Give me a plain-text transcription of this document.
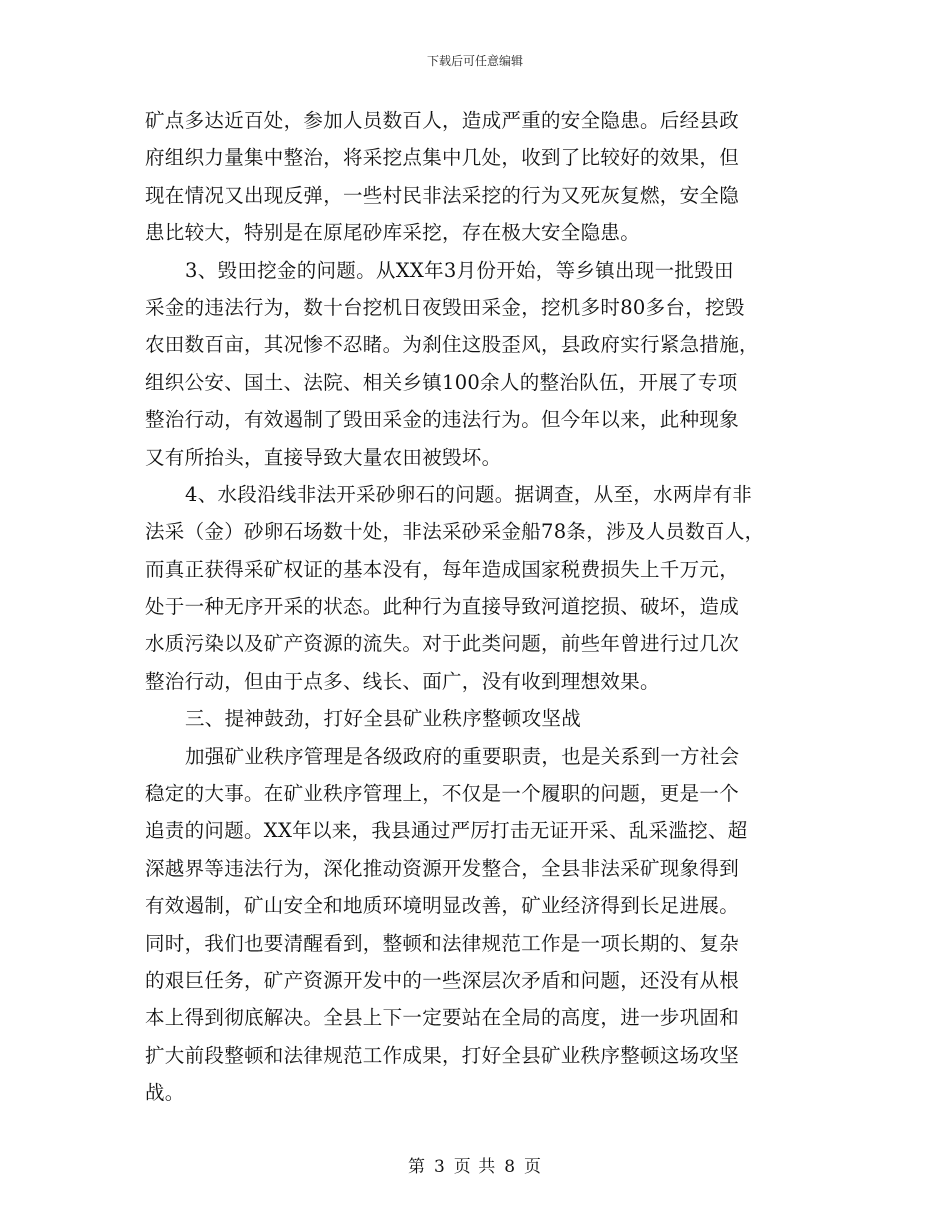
下载后可任意编辑
矿点多达近百处，参加人员数百人，造成严重的安全隐患。后经县政
府组织力量集中整治，将采挖点集中几处，收到了比较好的效果，但
现在情况又出现反弹，一些村民非法采挖的行为又死灰复燃，安全隐
患比较大，特别是在原尾砂库采挖，存在极大安全隐患。
3、毁田挖金的问题。从XX年3月份开始，等乡镇出现一批毁田
采金的违法行为，数十台挖机日夜毁田采金，挖机多时80多台，挖毁
农田数百亩，其况惨不忍睹。为刹住这股歪风，县政府实行紧急措施，
组织公安、国土、法院、相关乡镇100余人的整治队伍，开展了专项
整治行动，有效遏制了毁田采金的违法行为。但今年以来，此种现象
又有所抬头，直接导致大量农田被毁坏。
4、水段沿线非法开采砂卵石的问题。据调查，从至，水两岸有非
法采（金）砂卵石场数十处，非法采砂采金船78条，涉及人员数百人，
而真正获得采矿权证的基本没有，每年造成国家税费损失上千万元，
处于一种无序开采的状态。此种行为直接导致河道挖损、破坏，造成
水质污染以及矿产资源的流失。对于此类问题，前些年曾进行过几次
整治行动，但由于点多、线长、面广，没有收到理想效果。
三、提神鼓劲，打好全县矿业秩序整顿攻坚战
加强矿业秩序管理是各级政府的重要职责，也是关系到一方社会
稳定的大事。在矿业秩序管理上，不仅是一个履职的问题，更是一个
追责的问题。XX年以来，我县通过严厉打击无证开采、乱采滥挖、超
深越界等违法行为，深化推动资源开发整合，全县非法采矿现象得到
有效遏制，矿山安全和地质环境明显改善，矿业经济得到长足进展。
同时，我们也要清醒看到，整顿和法律规范工作是一项长期的、复杂
的艰巨任务，矿产资源开发中的一些深层次矛盾和问题，还没有从根
本上得到彻底解决。全县上下一定要站在全局的高度，进一步巩固和
扩大前段整顿和法律规范工作成果，打好全县矿业秩序整顿这场攻坚
战。
第 3 页 共 8 页
